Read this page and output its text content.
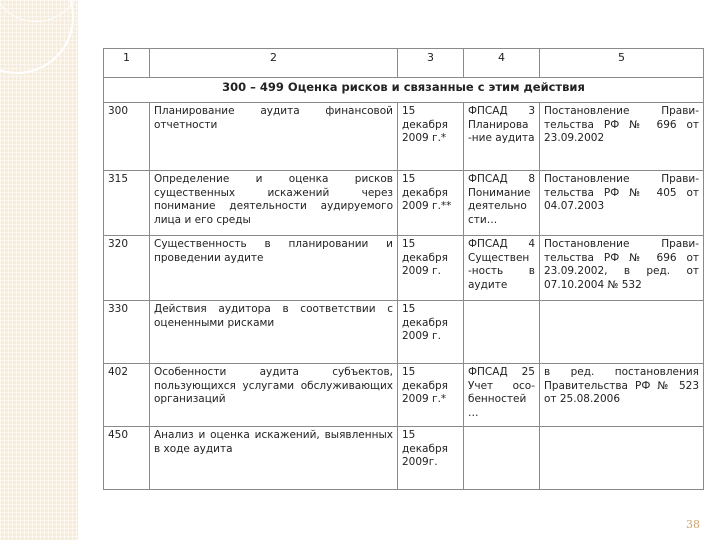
1	2	3	4	5
300 – 499 Оценка рисков и связанные с этим действия				
300	Планирование аудита финансовой отчетности	15 декабря 2009 г.*	ФПСАД 3 Планирова -ние аудита	Постановление Прави-тельства РФ № 696 от 23.09.2002
315	Определение и оценка рисков существенных искажений через понимание деятельности аудируемого лица и его среды	15 декабря 2009 г.**	ФПСАД 8 Понимание деятельно сти…	Постановление Прави-тельства РФ № 405 от 04.07.2003
320	Существенность в планировании и проведении аудите	15 декабря 2009 г.	ФПСАД 4 Существен -ность в аудите	Постановление Прави-тельства РФ № 696 от 23.09.2002, в ред. от 07.10.2004 № 532
330	Действия аудитора в соответствии с оцененными рисками	15 декабря 2009 г.		
402	Особенности аудита субъектов, пользующихся услугами обслуживающих организаций	15 декабря 2009 г.*	ФПСАД 25 Учет осо-бенностей …	в ред. постановления Правительства РФ № 523 от 25.08.2006
450	Анализ и оценка искажений, выявленных в ходе аудита	15 декабря 2009г.		
38
